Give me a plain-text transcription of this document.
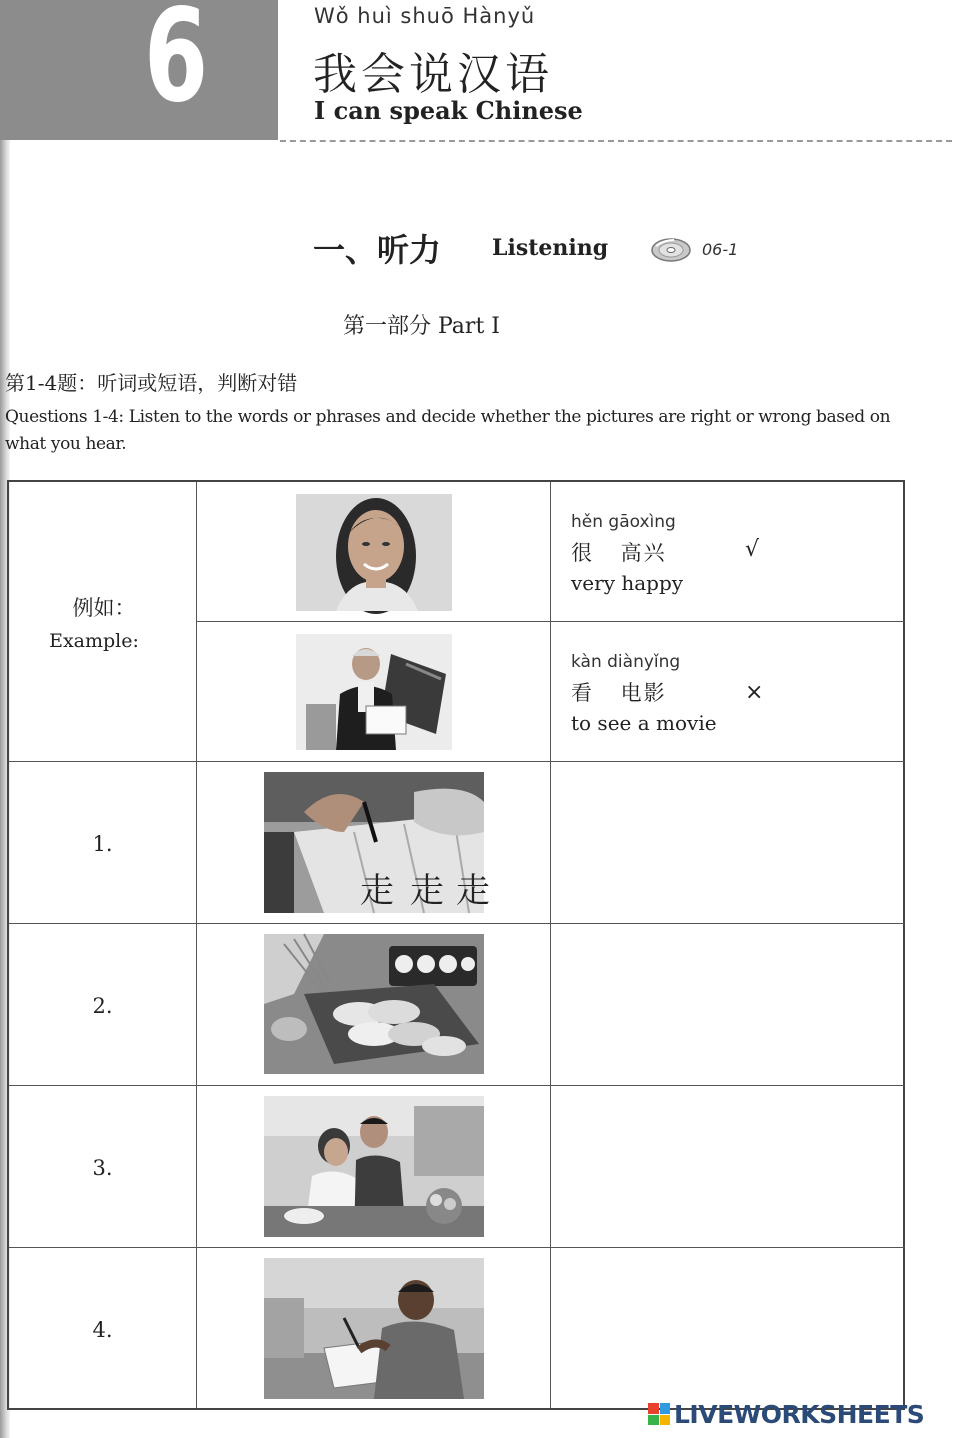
6	Wǒ huì shuō Hànyǔ
我会说汉语
I can speak Chinese
一、听力 Listening	06-1
第一部分 Part Ⅰ
第1-4题：听词或短语，判断对错
Questions 1-4: Listen to the words or phrases and decide whether the pictures are right or wrong based on what you hear.
例如：
Example:
hěn gāoxìng
很 高兴
very happy
√
kàn diànyǐng
看 电影
to see a movie
×
1.
走 走 走
2.
3.
4.
LIVEWORKSHEETS
